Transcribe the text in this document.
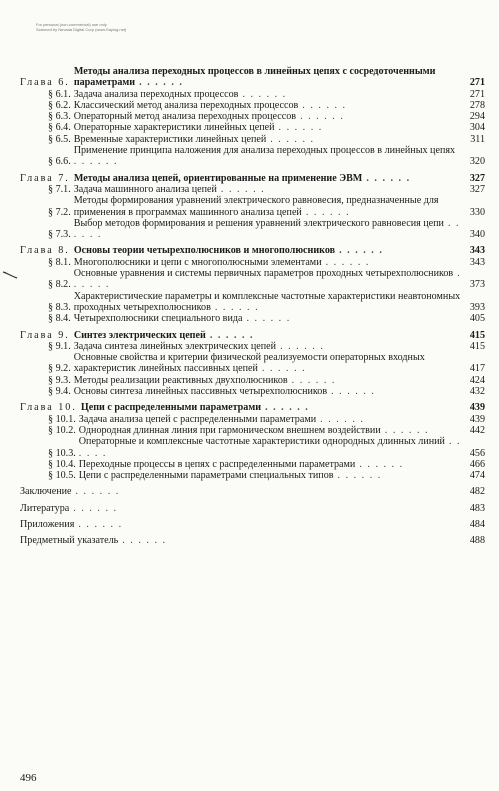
For personal (non-commercial) use only
Scanned by Nevada Digital Corp (www.Saylug.net)
Глава 6.
Методы анализа переходных процессов в линейных цепях с сосредоточенными параметрами . . . . . .	271
§ 6.1. Задача анализа переходных процессов . . . . . .	271
§ 6.2. Классический метод анализа переходных процессов . . . . . .	278
§ 6.3. Операторный метод анализа переходных процессов . . . . . .	294
§ 6.4. Операторные характеристики линейных цепей . . . . . .	304
§ 6.5. Временные характеристики линейных цепей . . . . . .	311
§ 6.6.
Применение принципа наложения для анализа переходных процессов в линейных цепях . . . . . .	320
Глава 7. Методы анализа цепей, ориентированные на применение ЭВМ . . . . . .	327
§ 7.1. Задача машинного анализа цепей . . . . . .	327
§ 7.2.
Методы формирования уравнений электрического равновесия, предназначенные для применения в программах машинного анализа цепей . . . . . .	330
§ 7.3.
Выбор методов формирования и решения уравнений электрического равновесия цепи . . . . . .	340
Глава 8. Основы теории четырехполюсников и многополюсников . . . . . .	343
§ 8.1. Многополюсники и цепи с многополюсными элементами . . . . . .	343
§ 8.2.
Основные уравнения и системы первичных параметров проходных четырехполюсников . . . . . .	373
§ 8.3.
Характеристические параметры и комплексные частотные характеристики неавтономных проходных четырехполюсников . . . . . .	393
§ 8.4. Четырехполюсники специального вида . . . . . .	405
Глава 9. Синтез электрических цепей . . . . . .	415
§ 9.1. Задача синтеза линейных электрических цепей . . . . . .	415
§ 9.2.
Основные свойства и критерии физической реализуемости операторных входных характеристик линейных пассивных цепей . . . . . .	417
§ 9.3. Методы реализации реактивных двухполюсников . . . . . .	424
§ 9.4. Основы синтеза линейных пассивных четырехполюсников . . . . . .	432
Глава 10. Цепи с распределенными параметрами . . . . . .	439
§ 10.1. Задача анализа цепей с распределенными параметрами . . . . . .	439
§ 10.2. Однородная длинная линия при гармоническом внешнем воздействии . . . . . .	442
§ 10.3.
Операторные и комплексные частотные характеристики однородных длинных линий . . . . . .	456
§ 10.4. Переходные процессы в цепях с распределенными параметрами . . . . . .	466
§ 10.5. Цепи с распределенными параметрами специальных типов . . . . . .	474
Заключение . . . . . .	482
Литература . . . . . .	483
Приложения . . . . . .	484
Предметный указатель . . . . . .	488
496
